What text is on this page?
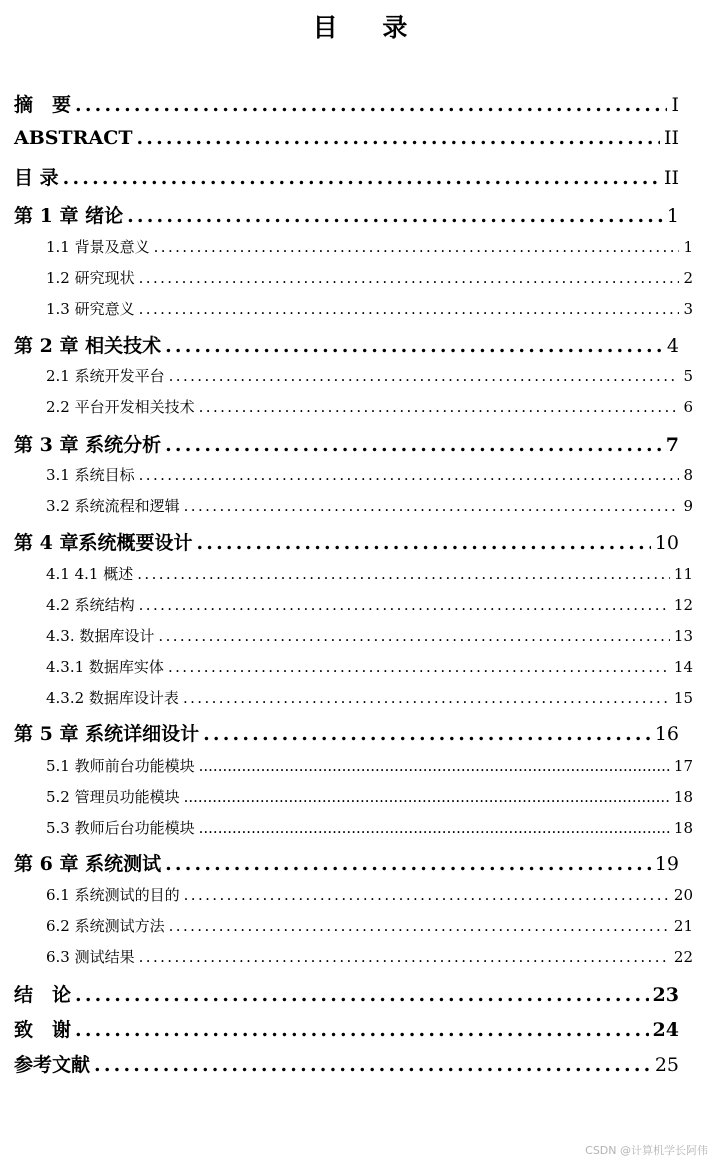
目 录
摘　要 .....	I
ABSTRACT .....	II
目 录 .....	II
第 1 章 绪论 .....	1
1.1 背景及意义 .....	1
1.2 研究现状 .....	2
1.3 研究意义 .....	3
第 2 章 相关技术 .....	4
2.1 系统开发平台 .....	5
2.2 平台开发相关技术 .....	6
第 3 章 系统分析 .....	7
3.1 系统目标 .....	8
3.2 系统流程和逻辑 .....	9
第 4 章系统概要设计 .....	10
4.1 4.1 概述 .....	11
4.2 系统结构 .....	12
4.3. 数据库设计 .....	13
4.3.1 数据库实体 .....	14
4.3.2 数据库设计表 .....	15
第 5 章 系统详细设计 .....	16
5.1 教师前台功能模块 .....	17
5.2 管理员功能模块 .....	18
5.3 教师后台功能模块 .....	18
第 6 章 系统测试 .....	19
6.1 系统测试的目的 .....	20
6.2 系统测试方法 .....	21
6.3 测试结果 .....	22
结　论 .....	23
致　谢 .....	24
参考文献 .....	25
CSDN @计算机学长阿伟
